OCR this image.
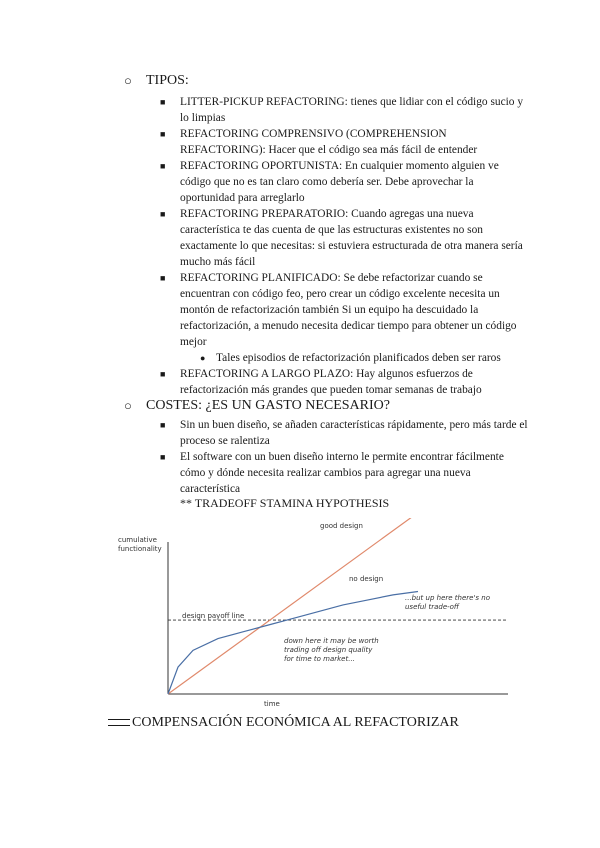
○	TIPOS:
■	LITTER-PICKUP REFACTORING: tienes que lidiar con el código sucio y lo limpias
■	REFACTORING COMPRENSIVO (COMPREHENSION REFACTORING): Hacer que el código sea más fácil de entender
■	REFACTORING OPORTUNISTA: En cualquier momento alguien ve código que no es tan claro como debería ser. Debe aprovechar la oportunidad para arreglarlo
■	REFACTORING PREPARATORIO: Cuando agregas una nueva característica te das cuenta de que las estructuras existentes no son exactamente lo que necesitas: si estuviera estructurada de otra manera sería mucho más fácil
■	REFACTORING PLANIFICADO: Se debe refactorizar cuando se encuentran con código feo, pero crear un código excelente necesita un montón de refactorización también Si un equipo ha descuidado la refactorización, a menudo necesita dedicar tiempo para obtener un código mejor
● Tales episodios de refactorización planificados deben ser raros
■	REFACTORING A LARGO PLAZO: Hay algunos esfuerzos de refactorización más grandes que pueden tomar semanas de trabajo
○	COSTES: ¿ES UN GASTO NECESARIO?
■	Sin un buen diseño, se añaden características rápidamente, pero más tarde el proceso se ralentiza
■	El software con un buen diseño interno le permite encontrar fácilmente cómo y dónde necesita realizar cambios para agregar una nueva característica
** TRADEOFF STAMINA HYPOTHESIS
cumulative
functionality
time
design payoff line
good design
no design
...but up here there's no
useful trade-off
down here it may be worth
trading off design quality
for time to market...
COMPENSACIÓN ECONÓMICA AL REFACTORIZAR
